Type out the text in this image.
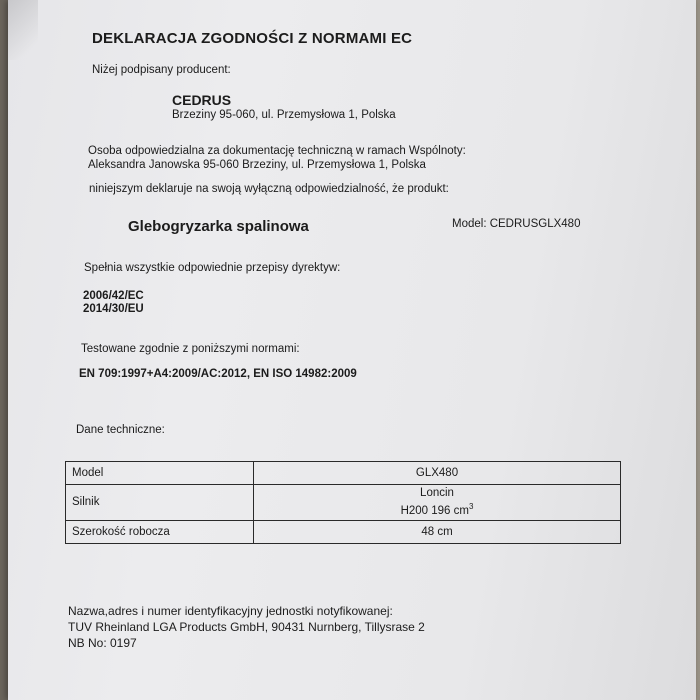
DEKLARACJA ZGODNOŚCI Z NORMAMI EC
Niżej podpisany producent:
CEDRUS
Brzeziny 95-060, ul. Przemysłowa 1, Polska
Osoba odpowiedzialna za dokumentację techniczną w ramach Wspólnoty:
Aleksandra Janowska 95-060 Brzeziny, ul. Przemysłowa 1, Polska
niniejszym deklaruje na swoją wyłączną odpowiedzialność, że produkt:
Glebogryzarka spalinowa	Model: CEDRUSGLX480
Spełnia wszystkie odpowiednie przepisy dyrektyw:
2006/42/EC
2014/30/EU
Testowane zgodnie z poniższymi normami:
EN 709:1997+A4:2009/AC:2012, EN ISO 14982:2009
Dane techniczne:
Model	GLX480
Silnik	Loncin
H200 196 $cm^3$

Szerokość robocza	48 cm
Nazwa,adres i numer identyfikacyjny jednostki notyfikowanej:
TUV Rheinland LGA Products GmbH, 90431 Nurnberg, Tillysrase 2
NB No: 0197
